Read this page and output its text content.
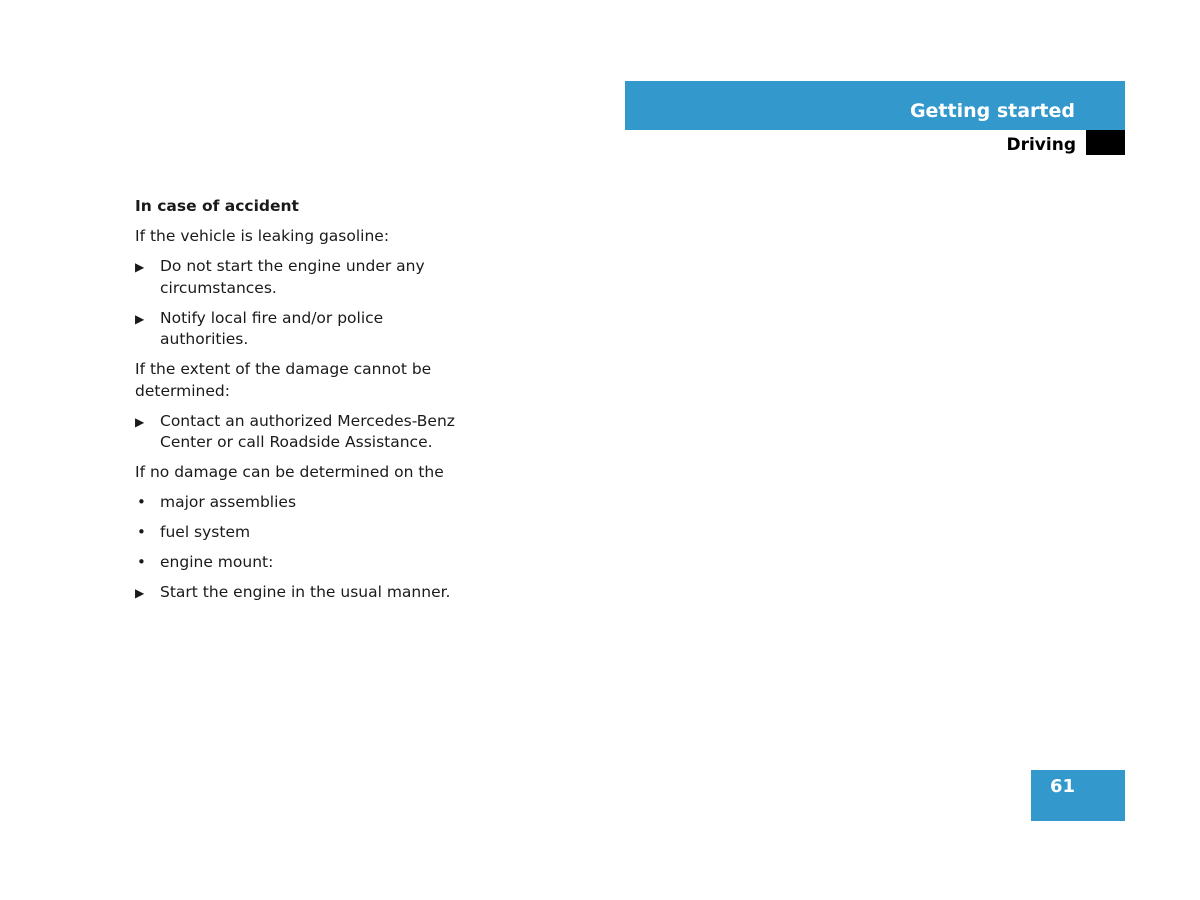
Getting started
Driving
In case of accident
If the vehicle is leaking gasoline:
▶	Do not start the engine under any circumstances.
▶	Notify local fire and/or police authorities.
If the extent of the damage cannot be determined:
▶	Contact an authorized Mercedes-Benz Center or call Roadside Assistance.
If no damage can be determined on the
• major assemblies
• fuel system
• engine mount:
▶	Start the engine in the usual manner.
61
